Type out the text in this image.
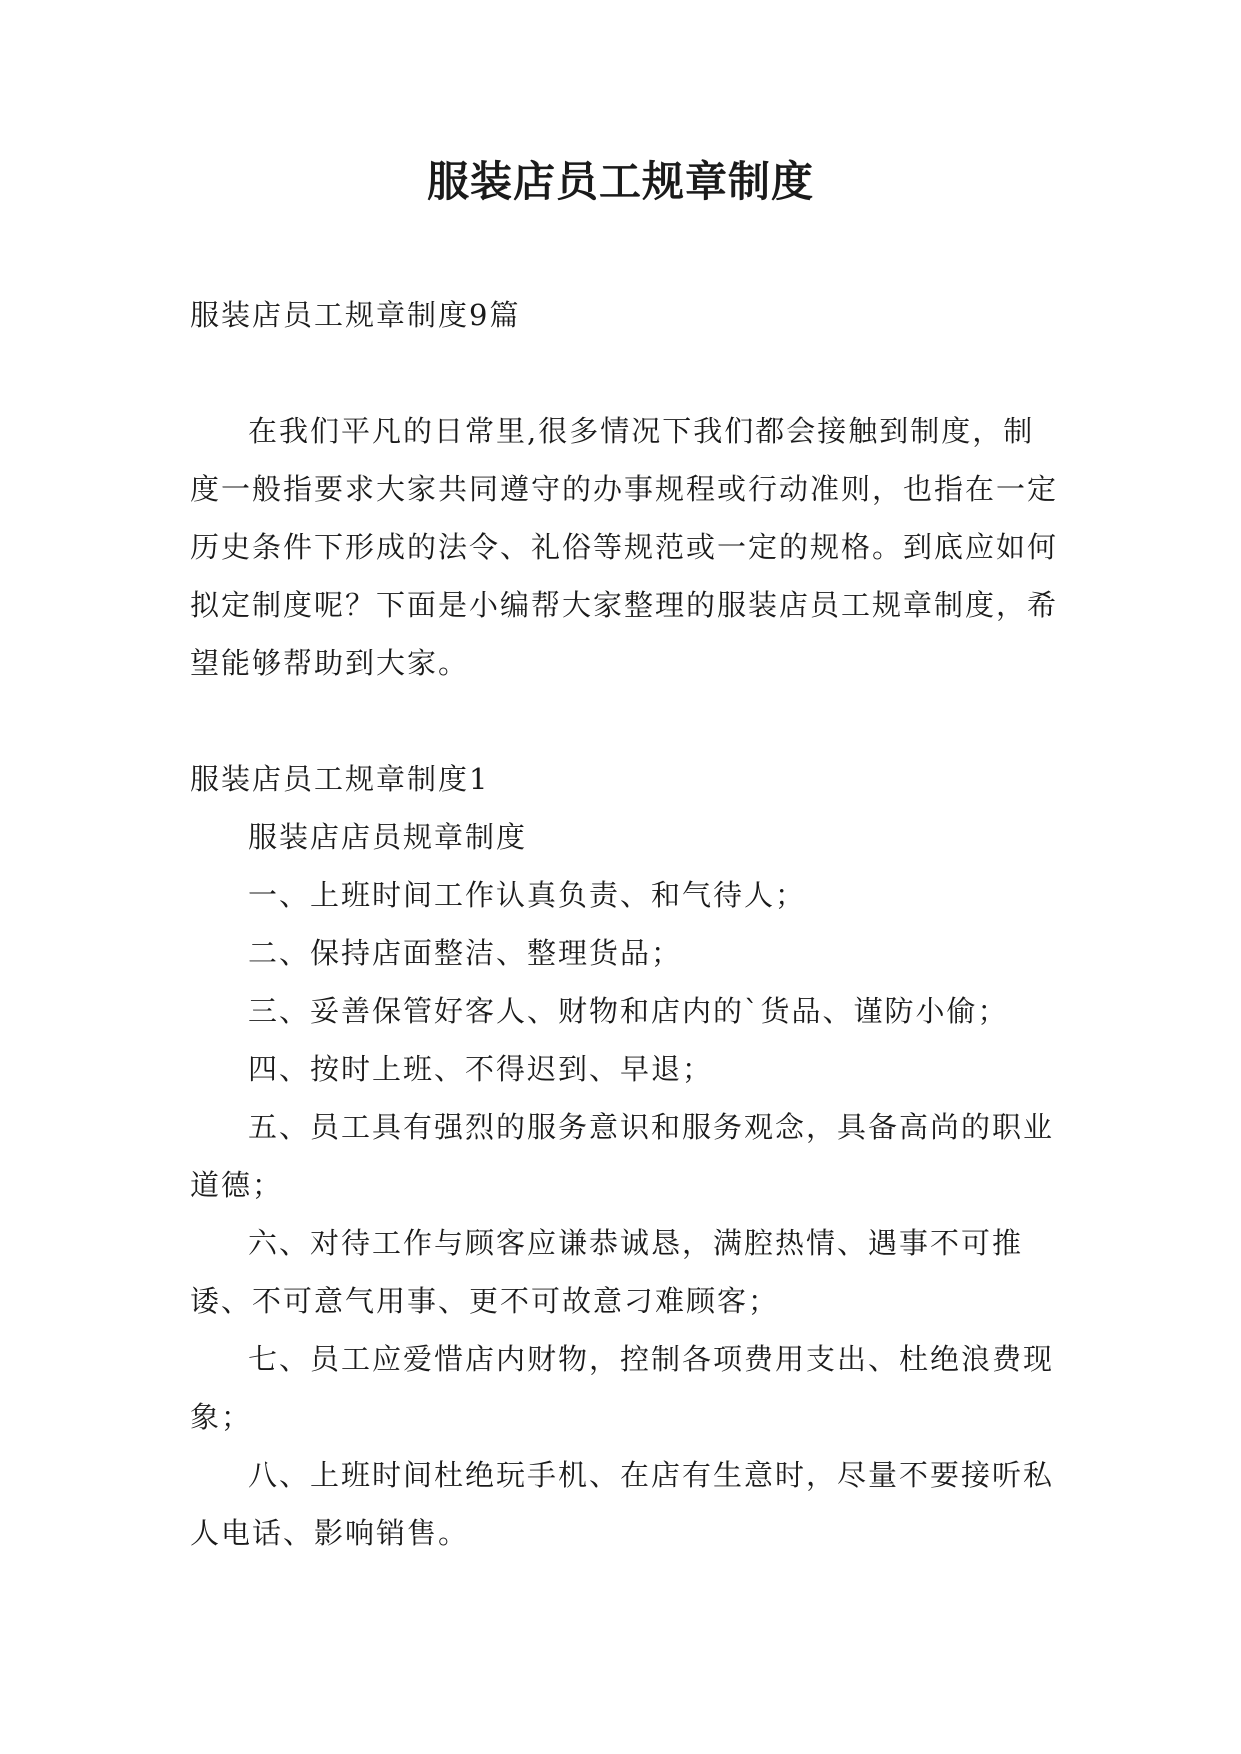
服装店员工规章制度

服装店员工规章制度9篇

在我们平凡的日常里,很多情况下我们都会接触到制度，制度一般指要求大家共同遵守的办事规程或行动准则，也指在一定历史条件下形成的法令、礼俗等规范或一定的规格。到底应如何拟定制度呢？下面是小编帮大家整理的服装店员工规章制度，希望能够帮助到大家。

服装店员工规章制度1

服装店店员规章制度

一、上班时间工作认真负责、和气待人；

二、保持店面整洁、整理货品；

三、妥善保管好客人、财物和店内的`货品、谨防小偷；

四、按时上班、不得迟到、早退；

五、员工具有强烈的服务意识和服务观念，具备高尚的职业道德；

六、对待工作与顾客应谦恭诚恳，满腔热情、遇事不可推诿、不可意气用事、更不可故意刁难顾客；

七、员工应爱惜店内财物，控制各项费用支出、杜绝浪费现象；

八、上班时间杜绝玩手机、在店有生意时，尽量不要接听私人电话、影响销售。
